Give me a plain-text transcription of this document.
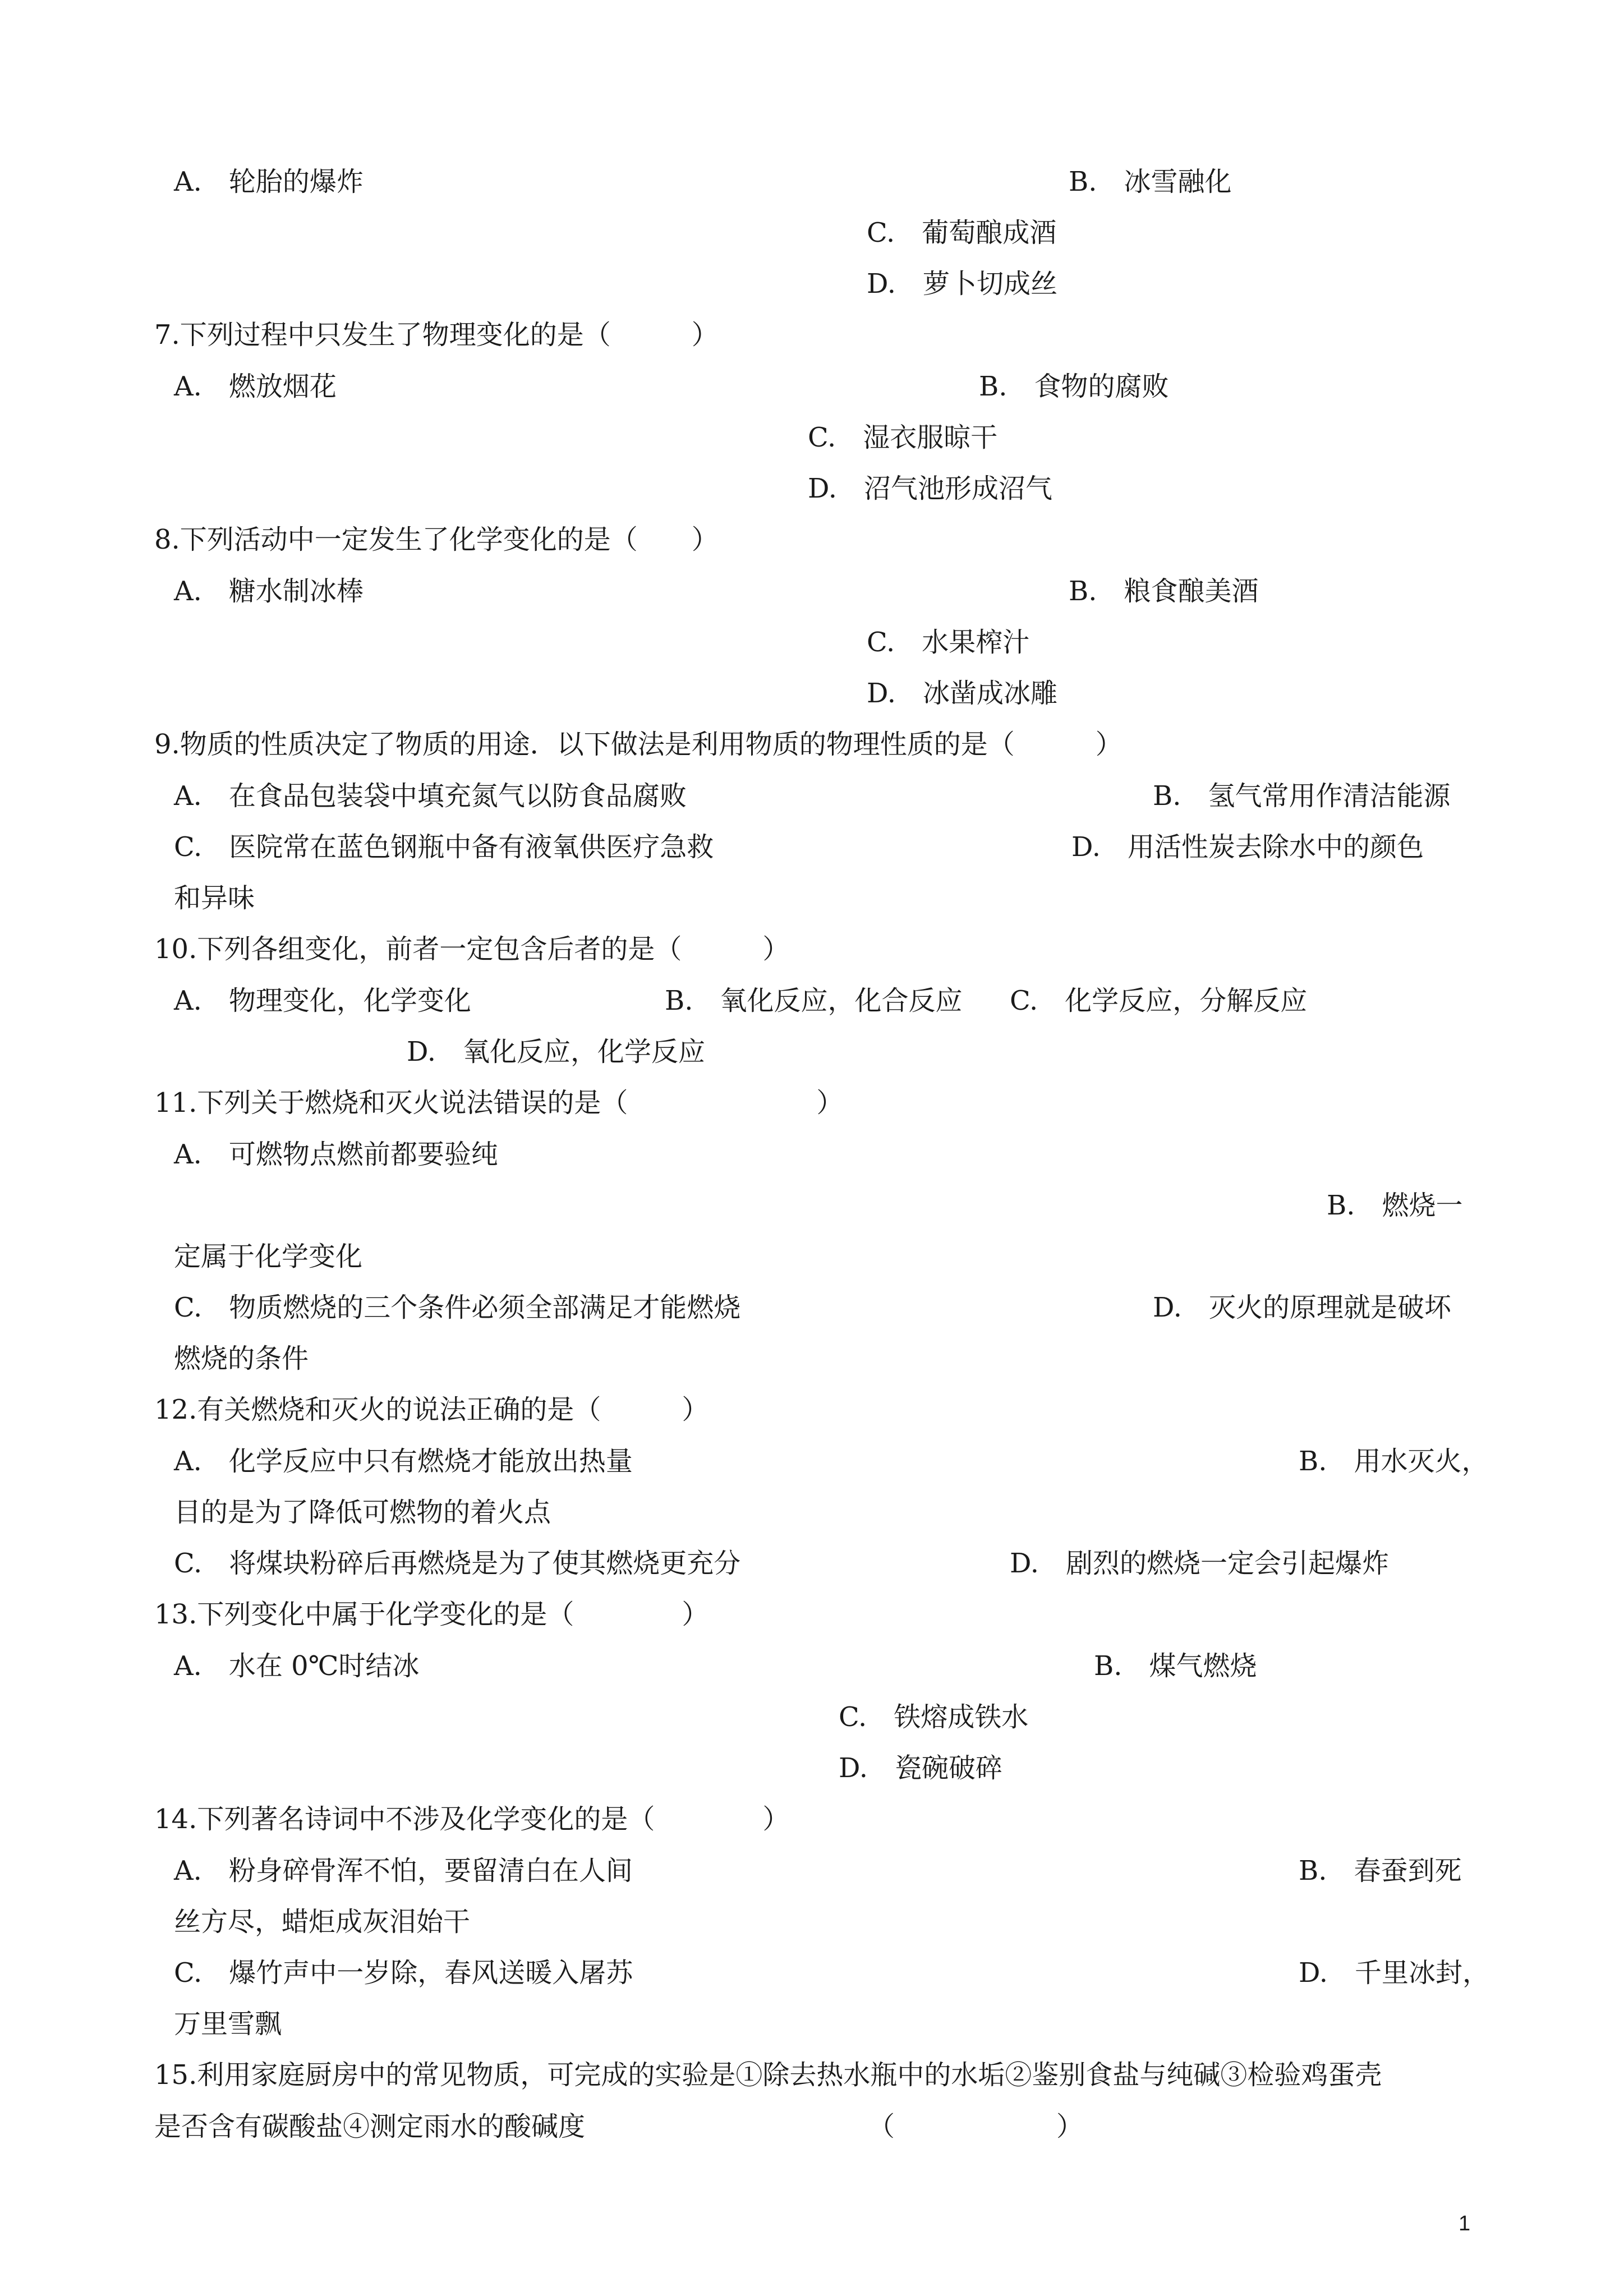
A.　轮胎的爆炸	B.　冰雪融化
C.　葡萄酿成酒
D.　萝卜切成丝
7.下列过程中只发生了物理变化的是（　　　）
A.　燃放烟花	B.　食物的腐败
C.　湿衣服晾干
D.　沼气池形成沼气
8.下列活动中一定发生了化学变化的是（　　）
A.　糖水制冰棒	B.　粮食酿美酒
C.　水果榨汁
D.　冰凿成冰雕
9.物质的性质决定了物质的用途．以下做法是利用物质的物理性质的是（　　　）
A.　在食品包装袋中填充氮气以防食品腐败	B.　氢气常用作清洁能源
C.　医院常在蓝色钢瓶中备有液氧供医疗急救	D.　用活性炭去除水中的颜色
和异味
10.下列各组变化，前者一定包含后者的是（　　　）
A.　物理变化，化学变化	B.　氧化反应，化合反应 C.　化学反应，分解反应
D.　氧化反应，化学反应
11.下列关于燃烧和灭火说法错误的是（　　　　　　　）
A.　可燃物点燃前都要验纯
B.　燃烧一
定属于化学变化
C.　物质燃烧的三个条件必须全部满足才能燃烧	D.　灭火的原理就是破坏
燃烧的条件
12.有关燃烧和灭火的说法正确的是（　　　）
A.　化学反应中只有燃烧才能放出热量	B.　用水灭火，
目的是为了降低可燃物的着火点
C.　将煤块粉碎后再燃烧是为了使其燃烧更充分	D.　剧烈的燃烧一定会引起爆炸
13.下列变化中属于化学变化的是（　　　　）
A.　水在 0℃时结冰	B.　煤气燃烧
C.　铁熔成铁水
D.　瓷碗破碎
14.下列著名诗词中不涉及化学变化的是（　　　　）
A.　粉身碎骨浑不怕，要留清白在人间	B.　春蚕到死
丝方尽，蜡炬成灰泪始干
C.　爆竹声中一岁除，春风送暖入屠苏	D.　千里冰封，
万里雪飘
15.利用家庭厨房中的常见物质，可完成的实验是①除去热水瓶中的水垢②鉴别食盐与纯碱③检验鸡蛋壳
是否含有碳酸盐④测定雨水的酸碱度　　　　　　　　　　　（　　　　　　）
1
